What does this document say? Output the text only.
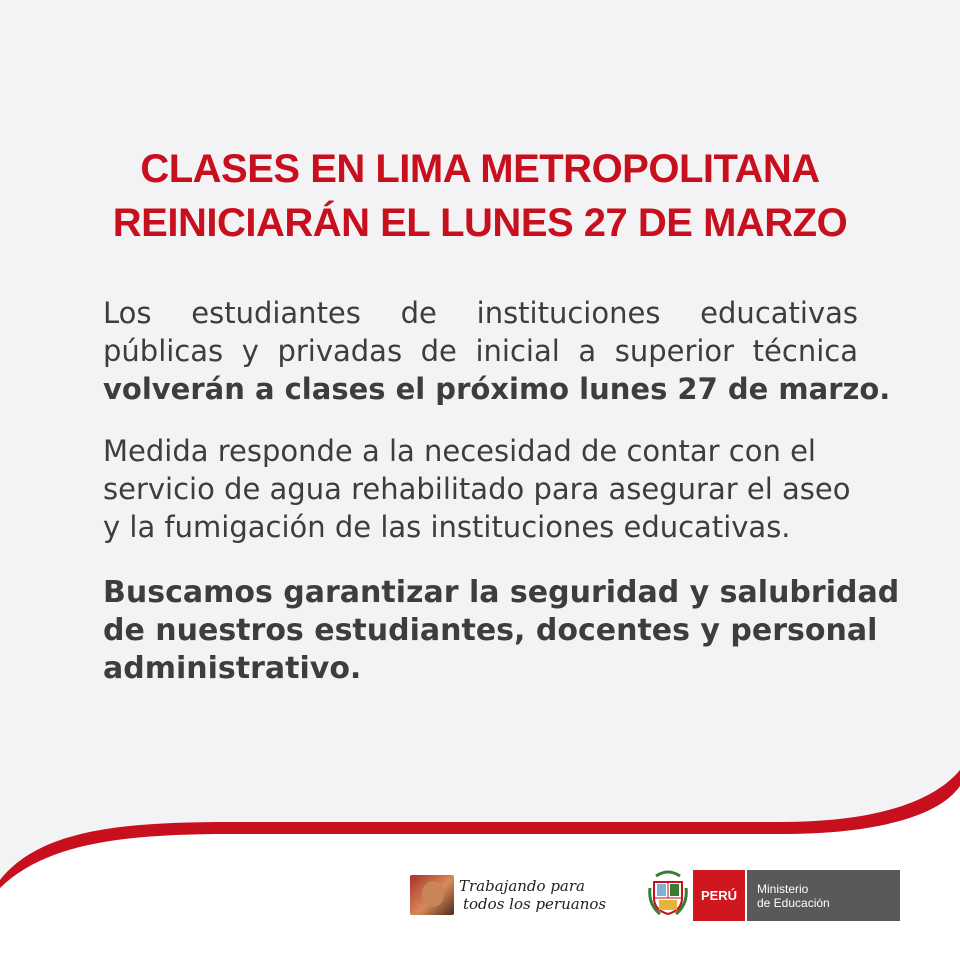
CLASES EN LIMA METROPOLITANA
REINICIARÁN EL LUNES 27 DE MARZO
Los estudiantes de instituciones educativas
públicas y privadas de inicial a superior técnica
volverán a clases el próximo lunes 27 de marzo.
Medida responde a la necesidad de contar con el
servicio de agua rehabilitado para asegurar el aseo
y la fumigación de las instituciones educativas.
Buscamos garantizar la seguridad y salubridad
de nuestros estudiantes, docentes y personal
administrativo.
Trabajando para
todos los peruanos	PERÚ Ministerio
de Educación
